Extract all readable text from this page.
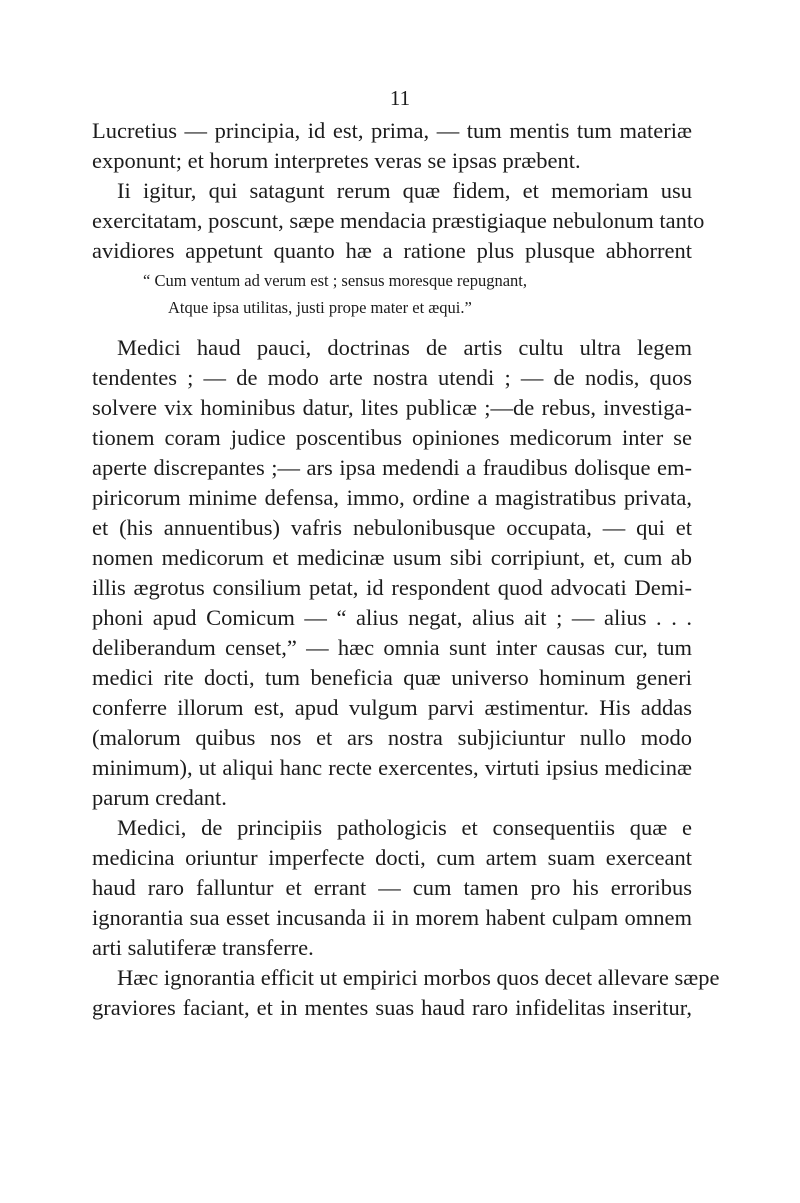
11
Lucretius — principia, id est, prima, — tum mentis tum materiæ
exponunt; et horum interpretes veras se ipsas præbent.
Ii igitur, qui satagunt rerum quæ fidem, et memoriam usu
exercitatam, poscunt, sæpe mendacia præstigiaque nebulonum tanto
avidiores appetunt quanto hæ a ratione plus plusque abhorrent
“ Cum ventum ad verum est ; sensus moresque repugnant,
Atque ipsa utilitas, justi prope mater et æqui.”
Medici haud pauci, doctrinas de artis cultu ultra legem
tendentes ; — de modo arte nostra utendi ; — de nodis, quos
solvere vix hominibus datur, lites publicæ ;—de rebus, investiga-
tionem coram judice poscentibus opiniones medicorum inter se
aperte discrepantes ;— ars ipsa medendi a fraudibus dolisque em-
piricorum minime defensa, immo, ordine a magistratibus privata,
et (his annuentibus) vafris nebulonibusque occupata, — qui et
nomen medicorum et medicinæ usum sibi corripiunt, et, cum ab
illis ægrotus consilium petat, id respondent quod advocati Demi-
phoni apud Comicum — “ alius negat, alius ait ; — alius . . .
deliberandum censet,” — hæc omnia sunt inter causas cur, tum
medici rite docti, tum beneficia quæ universo hominum generi
conferre illorum est, apud vulgum parvi æstimentur. His addas
(malorum quibus nos et ars nostra subjiciuntur nullo modo
minimum), ut aliqui hanc recte exercentes, virtuti ipsius medicinæ
parum credant.
Medici, de principiis pathologicis et consequentiis quæ e
medicina oriuntur imperfecte docti, cum artem suam exerceant
haud raro falluntur et errant — cum tamen pro his erroribus
ignorantia sua esset incusanda ii in morem habent culpam omnem
arti salutiferæ transferre.
Hæc ignorantia efficit ut empirici morbos quos decet allevare sæpe
graviores faciant, et in mentes suas haud raro infidelitas inseritur,
